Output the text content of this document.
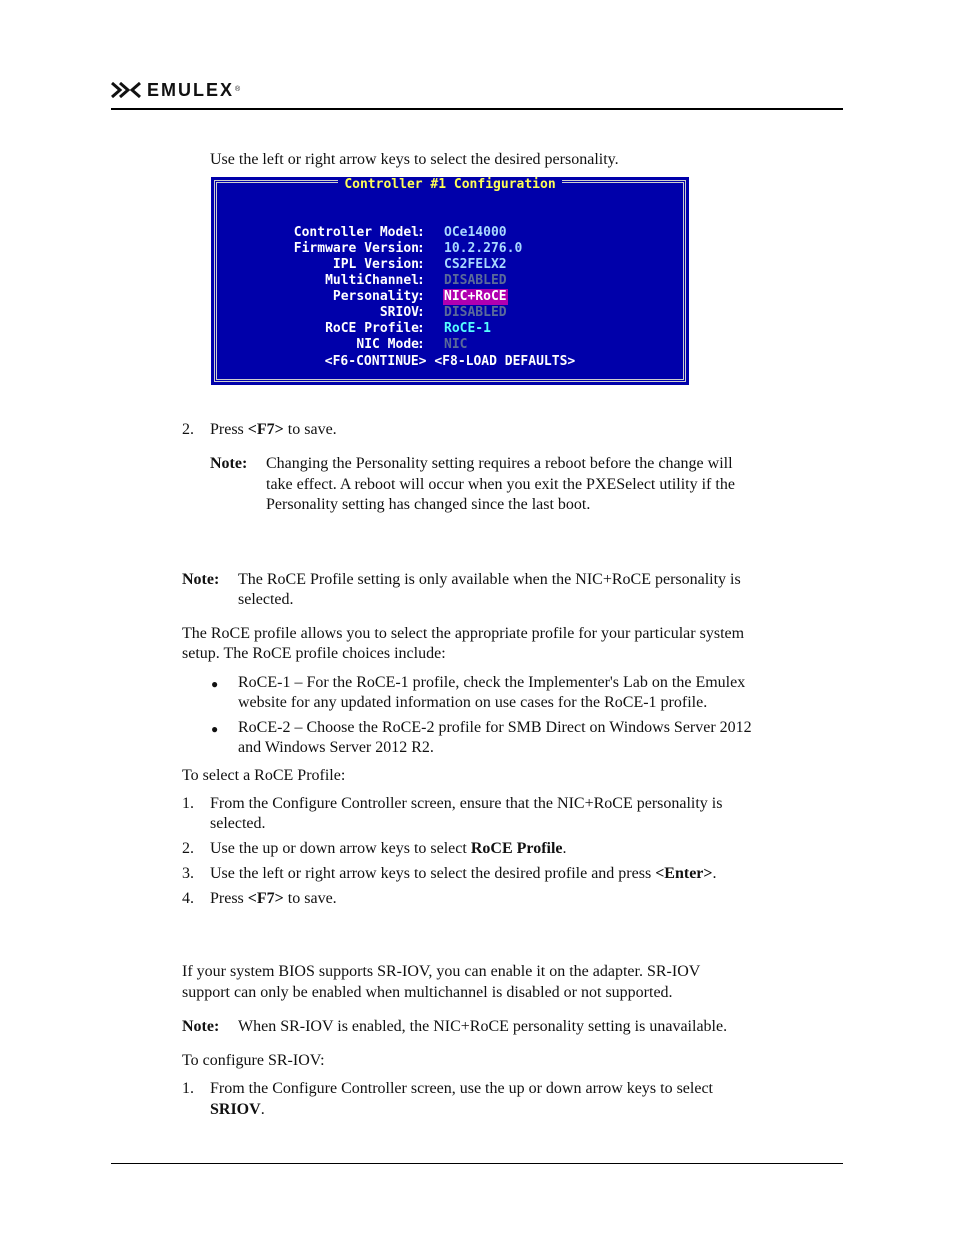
EMULEX ®

Use the left or right arrow keys to select the desired personality.

Controller #1 Configuration

Controller Model
: OCe14000

Firmware Version
: 10.2.276.0

IPL Version
: CS2FELX2

MultiChannel
: DISABLED

Personality
: NIC+RoCE

SRIOV
: DISABLED

RoCE Profile
: RoCE-1

NIC Mode
: NIC

<F6-CONTINUE> <F8-LOAD DEFAULTS>
2. Press <F7> to save.

Note: Changing the Personality setting requires a reboot before the change will

take effect. A reboot will occur when you exit the PXESelect utility if the

Personality setting has changed since the last boot.

Note: The RoCE Profile setting is only available when the NIC+RoCE personality is

selected.

The RoCE profile allows you to select the appropriate profile for your particular system

setup. The RoCE profile choices include:

● RoCE-1 – For the RoCE-1 profile, check the Implementer's Lab on the Emulex

website for any updated information on use cases for the RoCE-1 profile.

● RoCE-2 – Choose the RoCE-2 profile for SMB Direct on Windows Server 2012

and Windows Server 2012 R2.

To select a RoCE Profile:

1. From the Configure Controller screen, ensure that the NIC+RoCE personality is

selected.

2. Use the up or down arrow keys to select RoCE Profile.

3. Use the left or right arrow keys to select the desired profile and press <Enter>.

4. Press <F7> to save.

If your system BIOS supports SR-IOV, you can enable it on the adapter. SR-IOV

support can only be enabled when multichannel is disabled or not supported.

Note: When SR-IOV is enabled, the NIC+RoCE personality setting is unavailable.

To configure SR-IOV:

1. From the Configure Controller screen, use the up or down arrow keys to select

SRIOV.
